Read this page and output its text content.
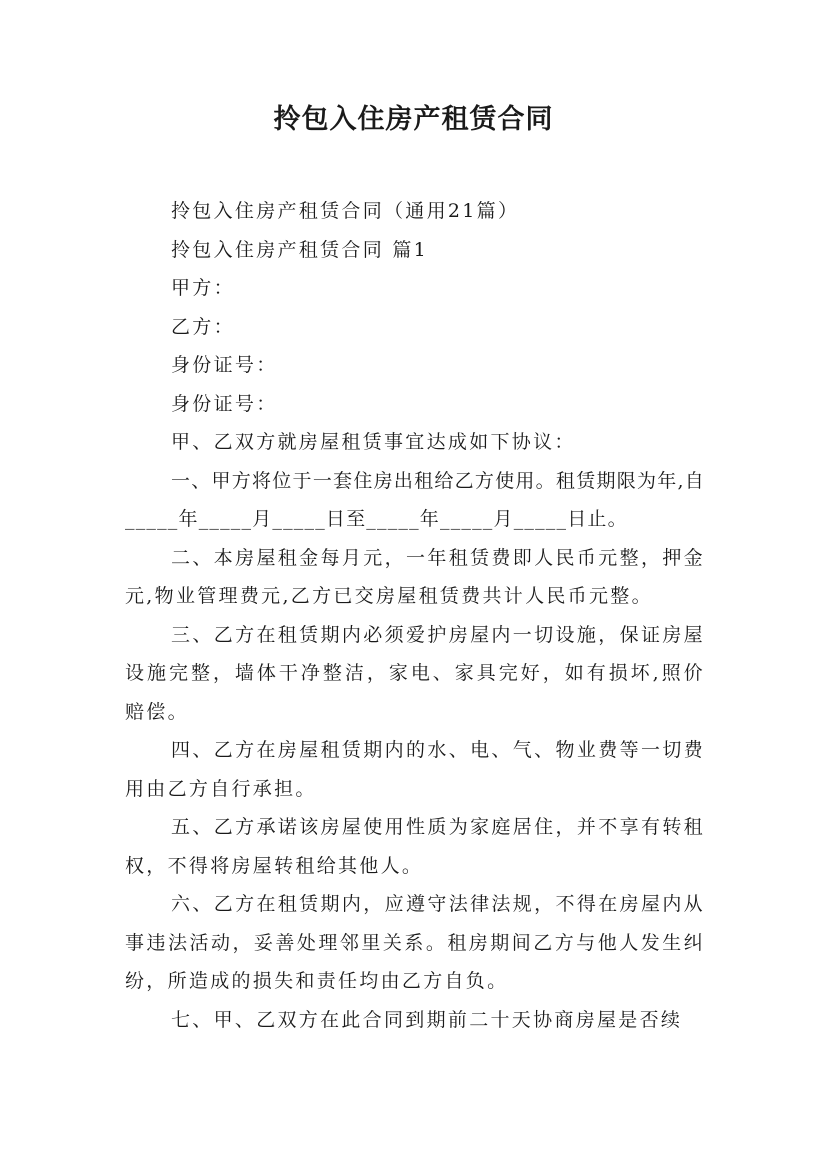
拎包入住房产租赁合同

拎包入住房产租赁合同（通用21篇）

拎包入住房产租赁合同 篇1

甲方：

乙方：

身份证号：

身份证号：

甲、乙双方就房屋租赁事宜达成如下协议：

一、甲方将位于一套住房出租给乙方使用。租赁期限为年,自_____年_____月_____日至_____年_____月_____日止。

二、本房屋租金每月元，一年租赁费即人民币元整，押金元,物业管理费元,乙方已交房屋租赁费共计人民币元整。

三、乙方在租赁期内必须爱护房屋内一切设施，保证房屋设施完整，墙体干净整洁，家电、家具完好，如有损坏,照价赔偿。

四、乙方在房屋租赁期内的水、电、气、物业费等一切费用由乙方自行承担。

五、乙方承诺该房屋使用性质为家庭居住，并不享有转租权，不得将房屋转租给其他人。

六、乙方在租赁期内，应遵守法律法规，不得在房屋内从事违法活动，妥善处理邻里关系。租房期间乙方与他人发生纠纷，所造成的损失和责任均由乙方自负。

七、甲、乙双方在此合同到期前二十天协商房屋是否续
